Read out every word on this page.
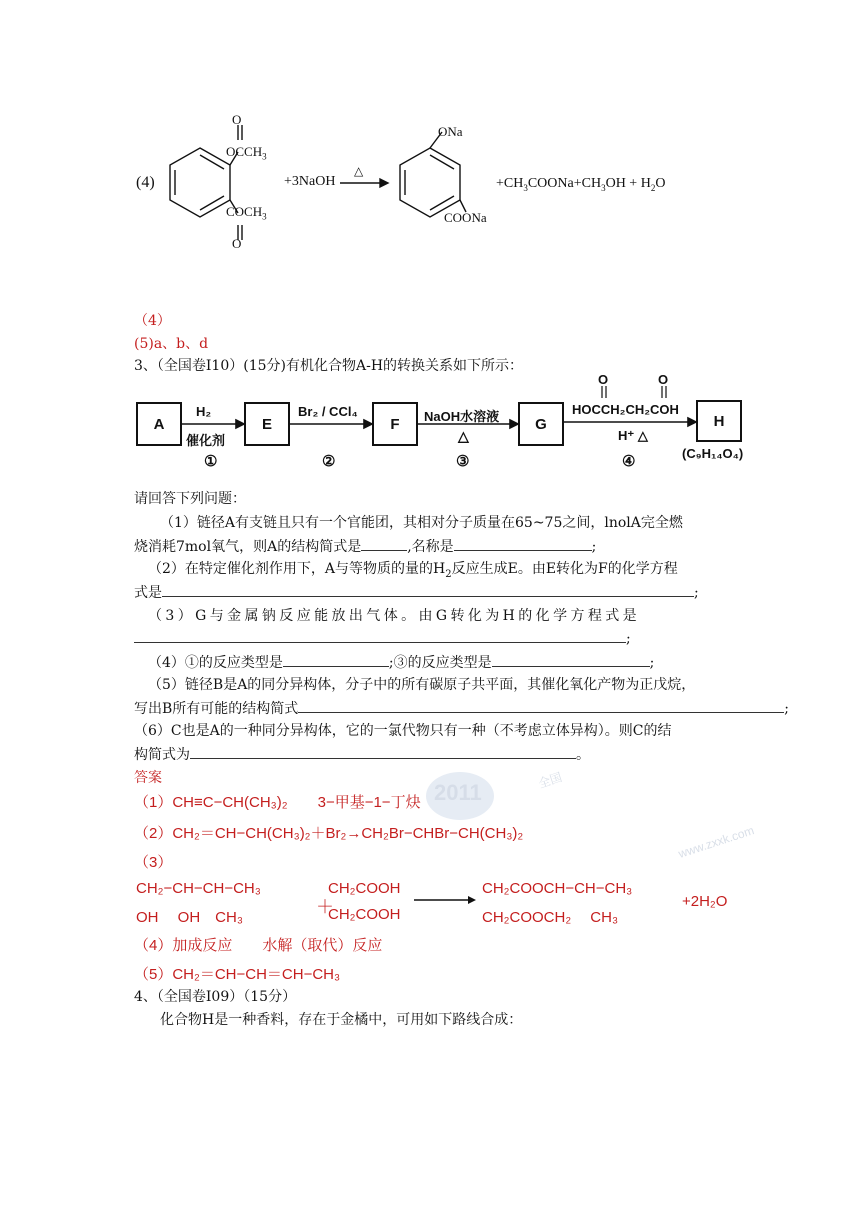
(4)
O
$OCCH_3$
$COCH_3$
O
+3NaOH
△
ONa
COONa
$+CH_3COONa+CH_3OH + H_2O$
（4）
(5)a、b、d
3、（全国卷Ⅰ10）(15分)有机化合物A-H的转换关系如下所示：
A	E	F	G	H
H₂
催化剂
①
Br₂ / CCl₄
②
NaOH水溶液
△
③
O	O
HOCCH₂CH₂COH
H⁺ △
④	(C₉H₁₄O₄)
请回答下列问题：
（1）链径A有支链且只有一个官能团，其相对分子质量在65~75之间，lnolA完全燃
烧消耗7mol氧气，则A的结构简式是	,名称是	;
（2）在特定催化剂作用下，A与等物质的量的$H_2$反应生成E。由E转化为F的化学方程
式是	;
（3）G与金属钠反应能放出气体。由G转化为H的化学方程式是
;
（4）①的反应类型是	;③的反应类型是	;
（5）链径B是A的同分异构体，分子中的所有碳原子共平面，其催化氧化产物为正戊烷，
写出B所有可能的结构简式	;
（6）C也是A的一种同分异构体，它的一氯代物只有一种（不考虑立体异构）。则C的结
构简式为	。
答案
2011	全国
www.zxxk.com
（1）CH≡C−CH(CH₃)₂　　3−甲基−1−丁炔
（2）CH₂＝CH−CH(CH₃)₂＋Br₂→CH₂Br−CHBr−CH(CH₃)₂
（3）
CH₂−CH−CH−CH₃
OH　 OH　CH₃
＋
CH₂COOH
CH₂COOH
CH₂COOCH−CH−CH₃
CH₂COOCH₂　 CH₃
+2H₂O
（4）加成反应　　水解（取代）反应
（5）CH₂＝CH−CH＝CH−CH₃
4、（全国卷Ⅰ09）（15分）
化合物H是一种香料，存在于金橘中，可用如下路线合成：
